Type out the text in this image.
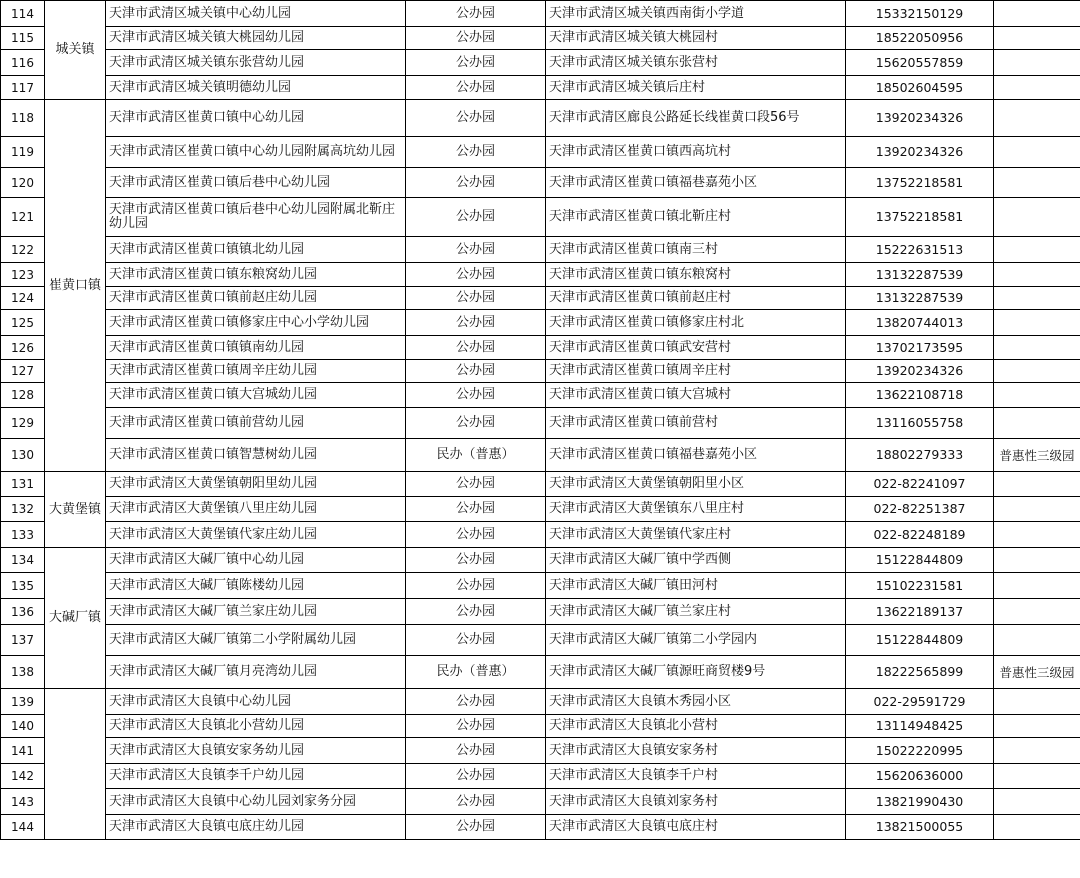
114	城关镇	天津市武清区城关镇中心幼儿园	公办园	天津市武清区城关镇西南街小学道	15332150129	
115		天津市武清区城关镇大桃园幼儿园	公办园	天津市武清区城关镇大桃园村	18522050956	
116		天津市武清区城关镇东张营幼儿园	公办园	天津市武清区城关镇东张营村	15620557859	
117		天津市武清区城关镇明德幼儿园	公办园	天津市武清区城关镇后庄村	18502604595	
118	崔黄口镇	天津市武清区崔黄口镇中心幼儿园	公办园	天津市武清区廊良公路延长线崔黄口段56号	13920234326	
119		天津市武清区崔黄口镇中心幼儿园附属高坑幼儿园	公办园	天津市武清区崔黄口镇西高坑村	13920234326	
120		天津市武清区崔黄口镇后巷中心幼儿园	公办园	天津市武清区崔黄口镇福巷嘉苑小区	13752218581	
121		天津市武清区崔黄口镇后巷中心幼儿园附属北靳庄幼儿园	公办园	天津市武清区崔黄口镇北靳庄村	13752218581	
122		天津市武清区崔黄口镇镇北幼儿园	公办园	天津市武清区崔黄口镇南三村	15222631513	
123		天津市武清区崔黄口镇东粮窝幼儿园	公办园	天津市武清区崔黄口镇东粮窝村	13132287539	
124		天津市武清区崔黄口镇前赵庄幼儿园	公办园	天津市武清区崔黄口镇前赵庄村	13132287539	
125		天津市武清区崔黄口镇修家庄中心小学幼儿园	公办园	天津市武清区崔黄口镇修家庄村北	13820744013	
126		天津市武清区崔黄口镇镇南幼儿园	公办园	天津市武清区崔黄口镇武安营村	13702173595	
127		天津市武清区崔黄口镇周辛庄幼儿园	公办园	天津市武清区崔黄口镇周辛庄村	13920234326	
128		天津市武清区崔黄口镇大宫城幼儿园	公办园	天津市武清区崔黄口镇大宫城村	13622108718	
129		天津市武清区崔黄口镇前营幼儿园	公办园	天津市武清区崔黄口镇前营村	13116055758	
130		天津市武清区崔黄口镇智慧树幼儿园	民办（普惠）	天津市武清区崔黄口镇福巷嘉苑小区	18802279333	普惠性三级园
131	大黄堡镇	天津市武清区大黄堡镇朝阳里幼儿园	公办园	天津市武清区大黄堡镇朝阳里小区	022-82241097	
132		天津市武清区大黄堡镇八里庄幼儿园	公办园	天津市武清区大黄堡镇东八里庄村	022-82251387	
133		天津市武清区大黄堡镇代家庄幼儿园	公办园	天津市武清区大黄堡镇代家庄村	022-82248189	
134	大碱厂镇	天津市武清区大碱厂镇中心幼儿园	公办园	天津市武清区大碱厂镇中学西侧	15122844809	
135		天津市武清区大碱厂镇陈楼幼儿园	公办园	天津市武清区大碱厂镇田河村	15102231581	
136		天津市武清区大碱厂镇兰家庄幼儿园	公办园	天津市武清区大碱厂镇兰家庄村	13622189137	
137		天津市武清区大碱厂镇第二小学附属幼儿园	公办园	天津市武清区大碱厂镇第二小学园内	15122844809	
138		天津市武清区大碱厂镇月亮湾幼儿园	民办（普惠）	天津市武清区大碱厂镇源旺商贸楼9号	18222565899	普惠性三级园
139		天津市武清区大良镇中心幼儿园	公办园	天津市武清区大良镇木秀园小区	022-29591729	
140		天津市武清区大良镇北小营幼儿园	公办园	天津市武清区大良镇北小营村	13114948425	
141		天津市武清区大良镇安家务幼儿园	公办园	天津市武清区大良镇安家务村	15022220995	
142		天津市武清区大良镇李千户幼儿园	公办园	天津市武清区大良镇李千户村	15620636000	
143		天津市武清区大良镇中心幼儿园刘家务分园	公办园	天津市武清区大良镇刘家务村	13821990430	
144		天津市武清区大良镇屯底庄幼儿园	公办园	天津市武清区大良镇屯底庄村	13821500055	
